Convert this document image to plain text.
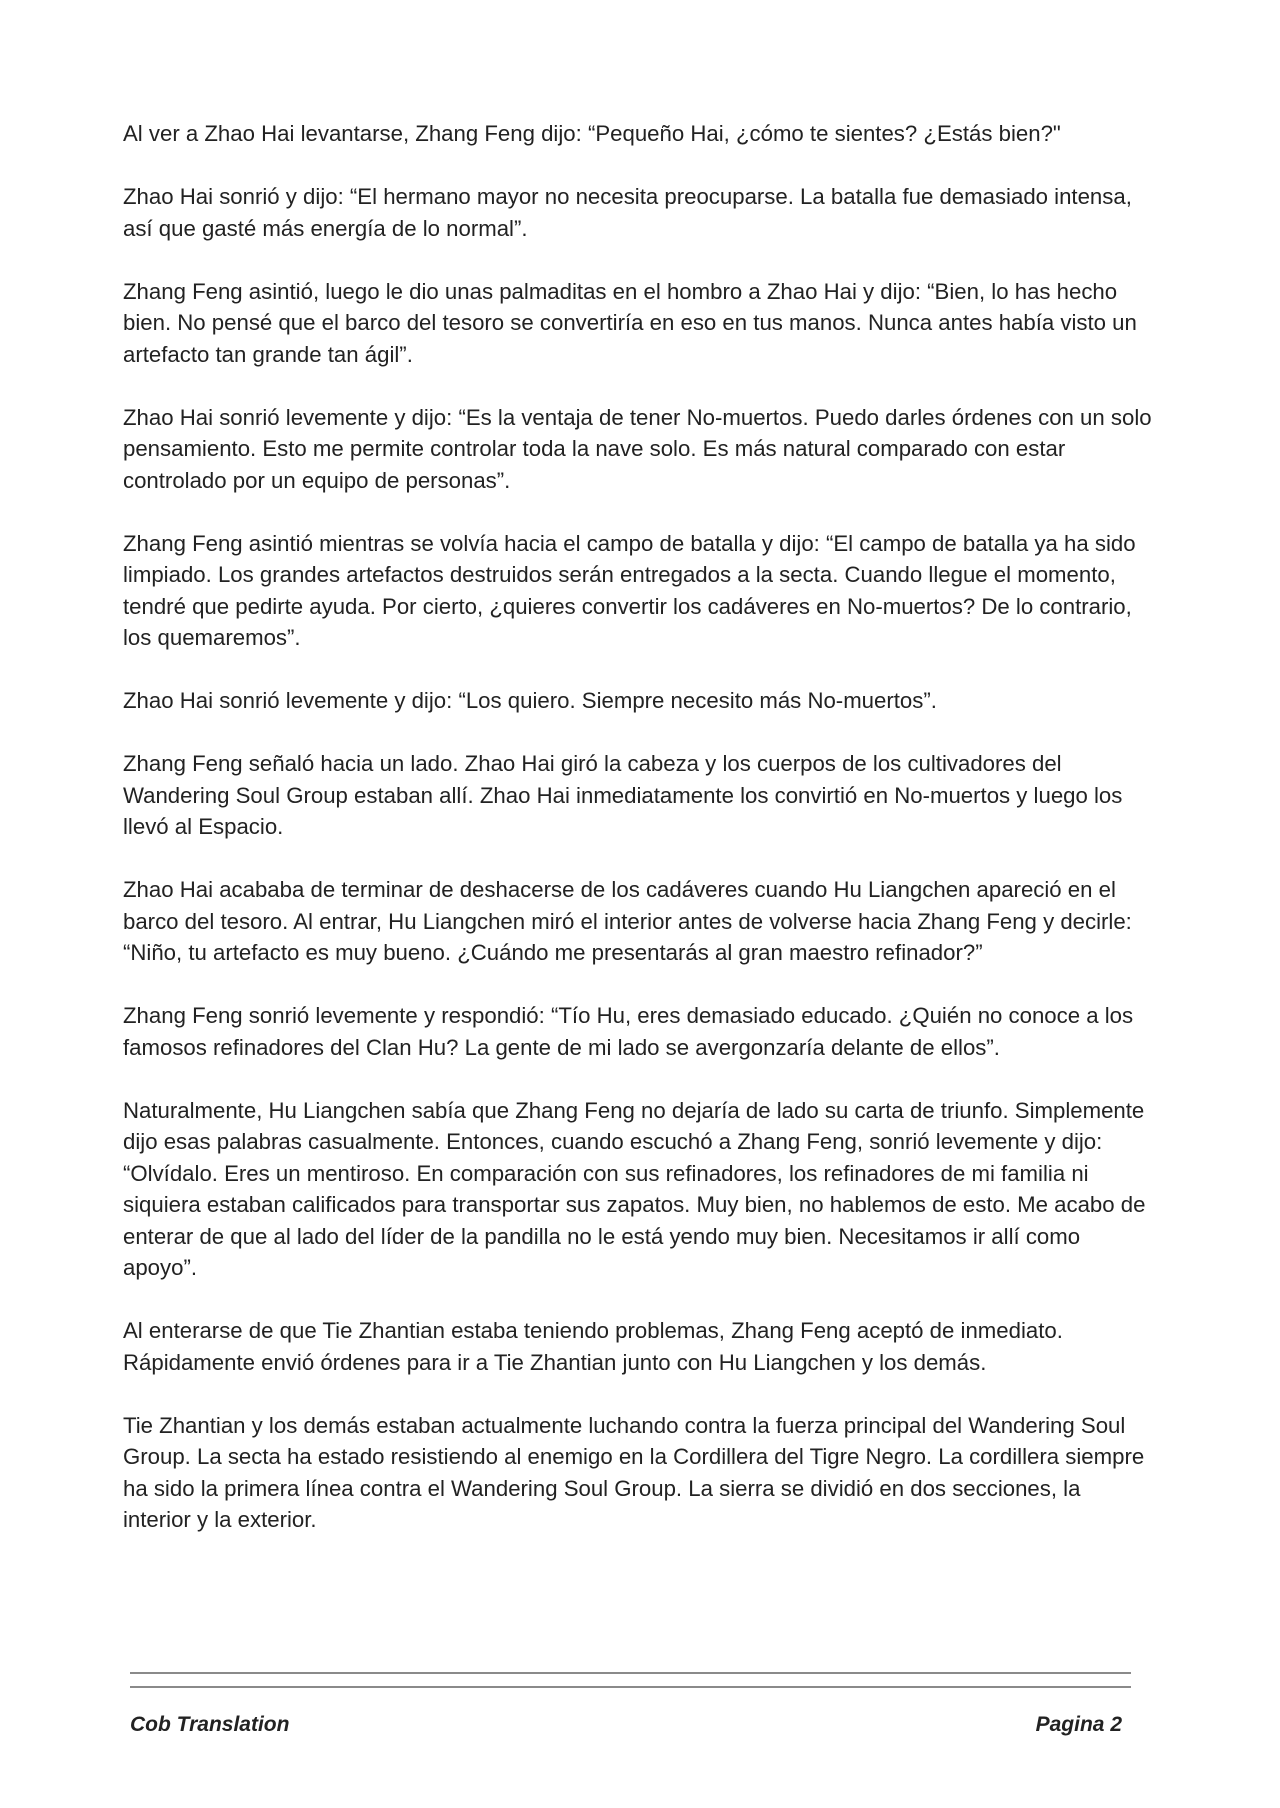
Al ver a Zhao Hai levantarse, Zhang Feng dijo: “Pequeño Hai, ¿cómo te sientes? ¿Estás bien?"

Zhao Hai sonrió y dijo: “El hermano mayor no necesita preocuparse. La batalla fue demasiado intensa, así que gasté más energía de lo normal”.

Zhang Feng asintió, luego le dio unas palmaditas en el hombro a Zhao Hai y dijo: “Bien, lo has hecho bien. No pensé que el barco del tesoro se convertiría en eso en tus manos. Nunca antes había visto un artefacto tan grande tan ágil”.

Zhao Hai sonrió levemente y dijo: “Es la ventaja de tener No-muertos. Puedo darles órdenes con un solo pensamiento. Esto me permite controlar toda la nave solo. Es más natural comparado con estar controlado por un equipo de personas”.

Zhang Feng asintió mientras se volvía hacia el campo de batalla y dijo: “El campo de batalla ya ha sido limpiado. Los grandes artefactos destruidos serán entregados a la secta. Cuando llegue el momento, tendré que pedirte ayuda. Por cierto, ¿quieres convertir los cadáveres en No-muertos? De lo contrario, los quemaremos”.

Zhao Hai sonrió levemente y dijo: “Los quiero. Siempre necesito más No-muertos”.

Zhang Feng señaló hacia un lado. Zhao Hai giró la cabeza y los cuerpos de los cultivadores del Wandering Soul Group estaban allí. Zhao Hai inmediatamente los convirtió en No-muertos y luego los llevó al Espacio.

Zhao Hai acababa de terminar de deshacerse de los cadáveres cuando Hu Liangchen apareció en el barco del tesoro. Al entrar, Hu Liangchen miró el interior antes de volverse hacia Zhang Feng y decirle: “Niño, tu artefacto es muy bueno. ¿Cuándo me presentarás al gran maestro refinador?”

Zhang Feng sonrió levemente y respondió: “Tío Hu, eres demasiado educado. ¿Quién no conoce a los famosos refinadores del Clan Hu? La gente de mi lado se avergonzaría delante de ellos”.

Naturalmente, Hu Liangchen sabía que Zhang Feng no dejaría de lado su carta de triunfo. Simplemente dijo esas palabras casualmente. Entonces, cuando escuchó a Zhang Feng, sonrió levemente y dijo: “Olvídalo. Eres un mentiroso. En comparación con sus refinadores, los refinadores de mi familia ni siquiera estaban calificados para transportar sus zapatos. Muy bien, no hablemos de esto. Me acabo de enterar de que al lado del líder de la pandilla no le está yendo muy bien. Necesitamos ir allí como apoyo”.

Al enterarse de que Tie Zhantian estaba teniendo problemas, Zhang Feng aceptó de inmediato. Rápidamente envió órdenes para ir a Tie Zhantian junto con Hu Liangchen y los demás.

Tie Zhantian y los demás estaban actualmente luchando contra la fuerza principal del Wandering Soul Group. La secta ha estado resistiendo al enemigo en la Cordillera del Tigre Negro. La cordillera siempre ha sido la primera línea contra el Wandering Soul Group. La sierra se dividió en dos secciones, la interior y la exterior.

Cob Translation	Pagina 2
